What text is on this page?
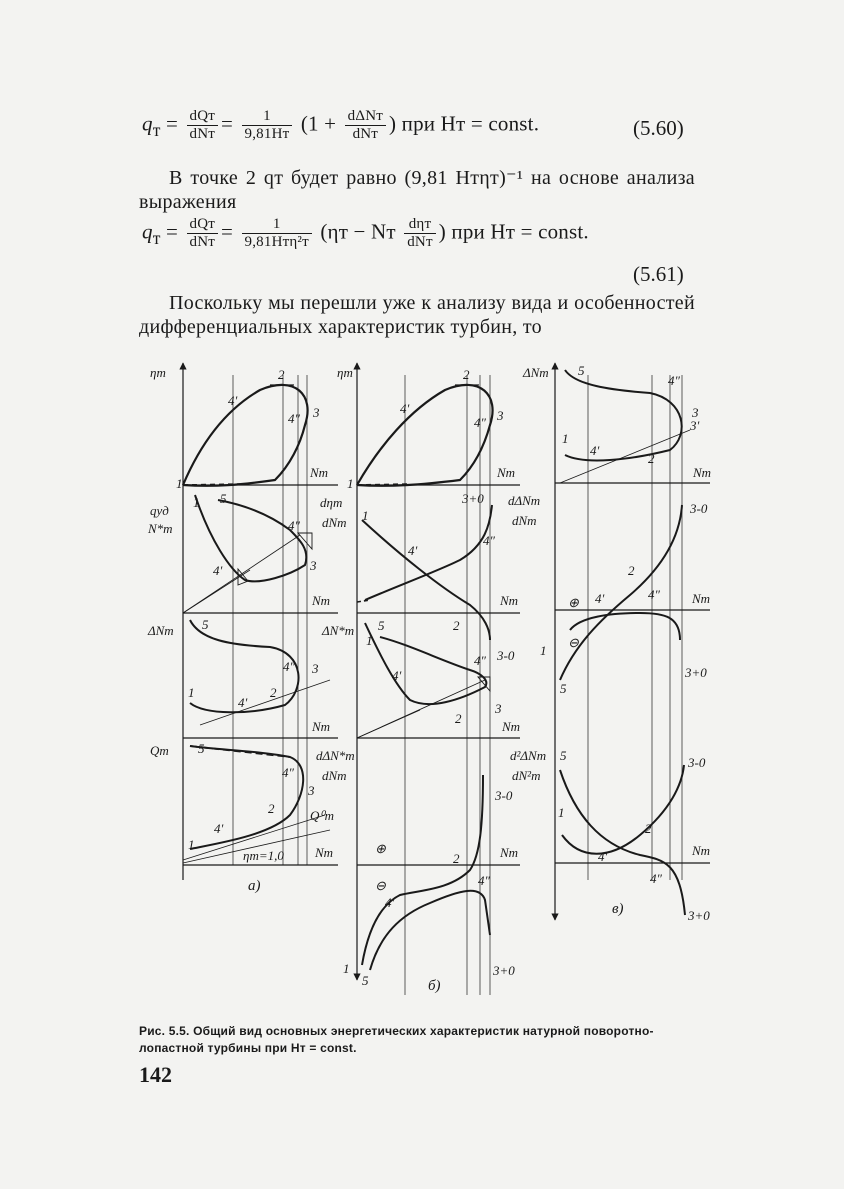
$q_т = \frac{\text{dQт}}{\text{dNт}} = \frac{1}{9,81Hт} (1 + \frac{\text{dΔNт}}{\text{dNт}}$ ) при Hт = const.	(5.60)
В точке 2 qт будет равно (9,81 Hтηт)⁻¹ на основе анализа выражения
$q_т = \frac{\text{dQт}}{\text{dNт}} = \frac{1}{\text{9,81Hтη²т}} (\eta т$ − Nт $\frac{\text{dηт}}{\text{dNт}}$ ) при Hт = const.
(5.61)
Поскольку мы перешли уже к анализу вида и особенностей дифференциальных характеристик турбин, то
ηт
Nт
1
4′
2
4″ 3
qуд
N*т
Nт
1 5
4′
4″
3
ΔNт
Nт
5
1
4′
2
4″ 3
Qт
Nт
5
1
4′
2
4″
3
Q⁰т
ηт=1,0
а)
ηт
Nт
1
4′
2
4″ 3
dηт
dNт
Nт
1
3+0
4′
4″
2
ΔN*т
Nт
5
1
4′
4″ 3-0
2
3
dΔN*т
dNт
Nт
3-0
⊕
2
⊖
4′
4″
1
5
3+0
б)
ΔNт
Nт
5
4″
3
3′
1
4′
2
dΔNт
dNт
Nт
3-0
2
⊕ 4′	4″
⊖
1
5
3+0
d²ΔNт
dN²т
Nт
5	3-0
1
2
4′
4″
3+0
в)
Рис. 5.5. Общий вид основных энергетических характеристик натурной поворотно-лопастной турбины при Hт = const.
142
